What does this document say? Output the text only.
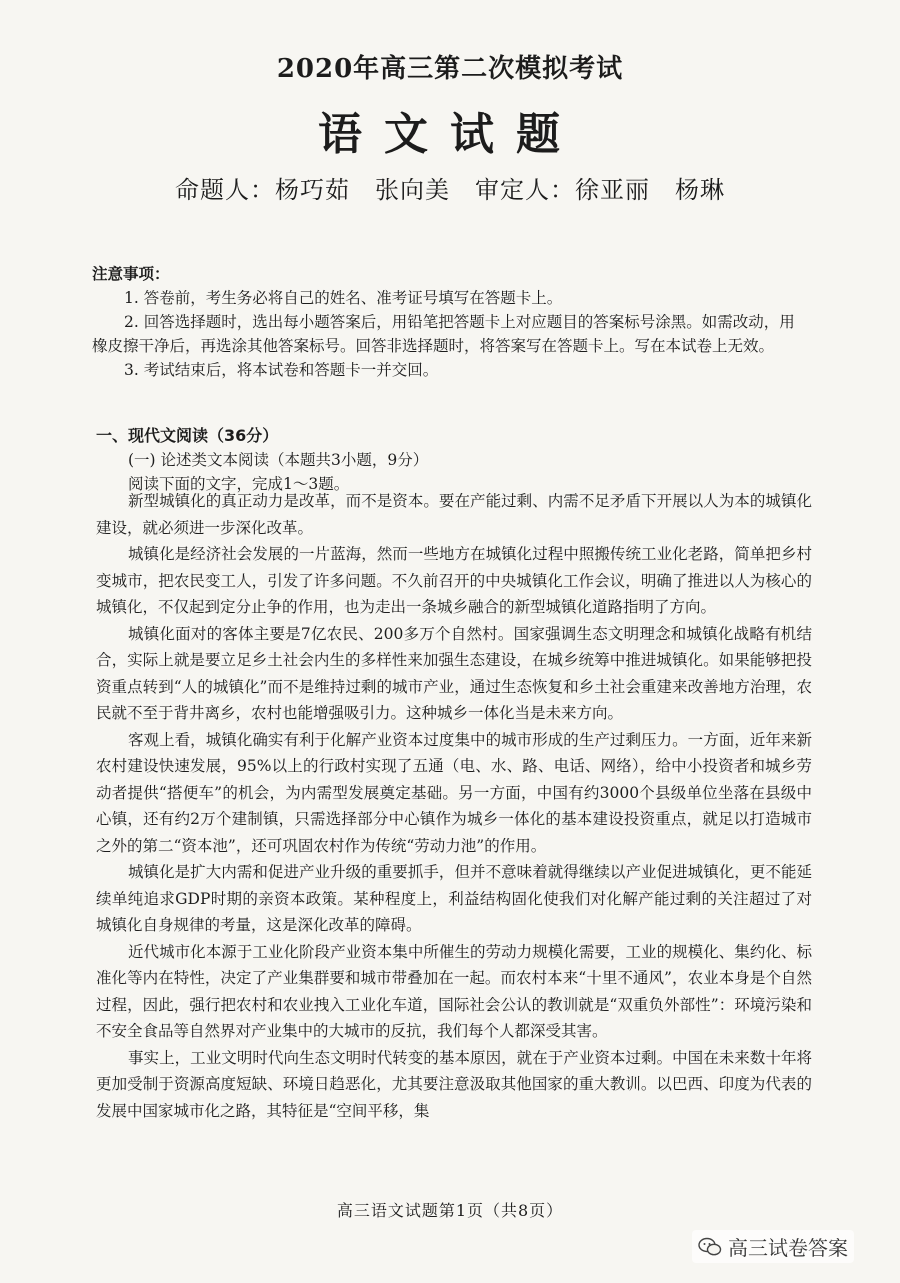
2020年高三第二次模拟考试
语文试题
命题人：杨巧茹　张向美　审定人：徐亚丽　杨琳

注意事项：

1. 答卷前，考生务必将自己的姓名、准考证号填写在答题卡上。

2. 回答选择题时，选出每小题答案后，用铅笔把答题卡上对应题目的答案标号涂黑。如需改动，用橡皮擦干净后，再选涂其他答案标号。回答非选择题时，将答案写在答题卡上。写在本试卷上无效。

3. 考试结束后，将本试卷和答题卡一并交回。

一、现代文阅读（36分）
(一) 论述类文本阅读（本题共3小题，9分）
阅读下面的文字，完成1～3题。

新型城镇化的真正动力是改革，而不是资本。要在产能过剩、内需不足矛盾下开展以人为本的城镇化建设，就必须进一步深化改革。

城镇化是经济社会发展的一片蓝海，然而一些地方在城镇化过程中照搬传统工业化老路，简单把乡村变城市，把农民变工人，引发了许多问题。不久前召开的中央城镇化工作会议，明确了推进以人为核心的城镇化，不仅起到定分止争的作用，也为走出一条城乡融合的新型城镇化道路指明了方向。

城镇化面对的客体主要是7亿农民、200多万个自然村。国家强调生态文明理念和城镇化战略有机结合，实际上就是要立足乡土社会内生的多样性来加强生态建设，在城乡统筹中推进城镇化。如果能够把投资重点转到“人的城镇化”而不是维持过剩的城市产业，通过生态恢复和乡土社会重建来改善地方治理，农民就不至于背井离乡，农村也能增强吸引力。这种城乡一体化当是未来方向。

客观上看，城镇化确实有利于化解产业资本过度集中的城市形成的生产过剩压力。一方面，近年来新农村建设快速发展，95%以上的行政村实现了五通（电、水、路、电话、网络），给中小投资者和城乡劳动者提供“搭便车”的机会，为内需型发展奠定基础。另一方面，中国有约3000个县级单位坐落在县级中心镇，还有约2万个建制镇，只需选择部分中心镇作为城乡一体化的基本建设投资重点，就足以打造城市之外的第二“资本池”，还可巩固农村作为传统“劳动力池”的作用。

城镇化是扩大内需和促进产业升级的重要抓手，但并不意味着就得继续以产业促进城镇化，更不能延续单纯追求GDP时期的亲资本政策。某种程度上，利益结构固化使我们对化解产能过剩的关注超过了对城镇化自身规律的考量，这是深化改革的障碍。

近代城市化本源于工业化阶段产业资本集中所催生的劳动力规模化需要，工业的规模化、集约化、标准化等内在特性，决定了产业集群要和城市带叠加在一起。而农村本来“十里不通风”，农业本身是个自然过程，因此，强行把农村和农业拽入工业化车道，国际社会公认的教训就是“双重负外部性”：环境污染和不安全食品等自然界对产业集中的大城市的反抗，我们每个人都深受其害。

事实上，工业文明时代向生态文明时代转变的基本原因，就在于产业资本过剩。中国在未来数十年将更加受制于资源高度短缺、环境日趋恶化，尤其要注意汲取其他国家的重大教训。以巴西、印度为代表的发展中国家城市化之路，其特征是“空间平移，集

高三语文试题第1页（共8页）
高三试卷答案
